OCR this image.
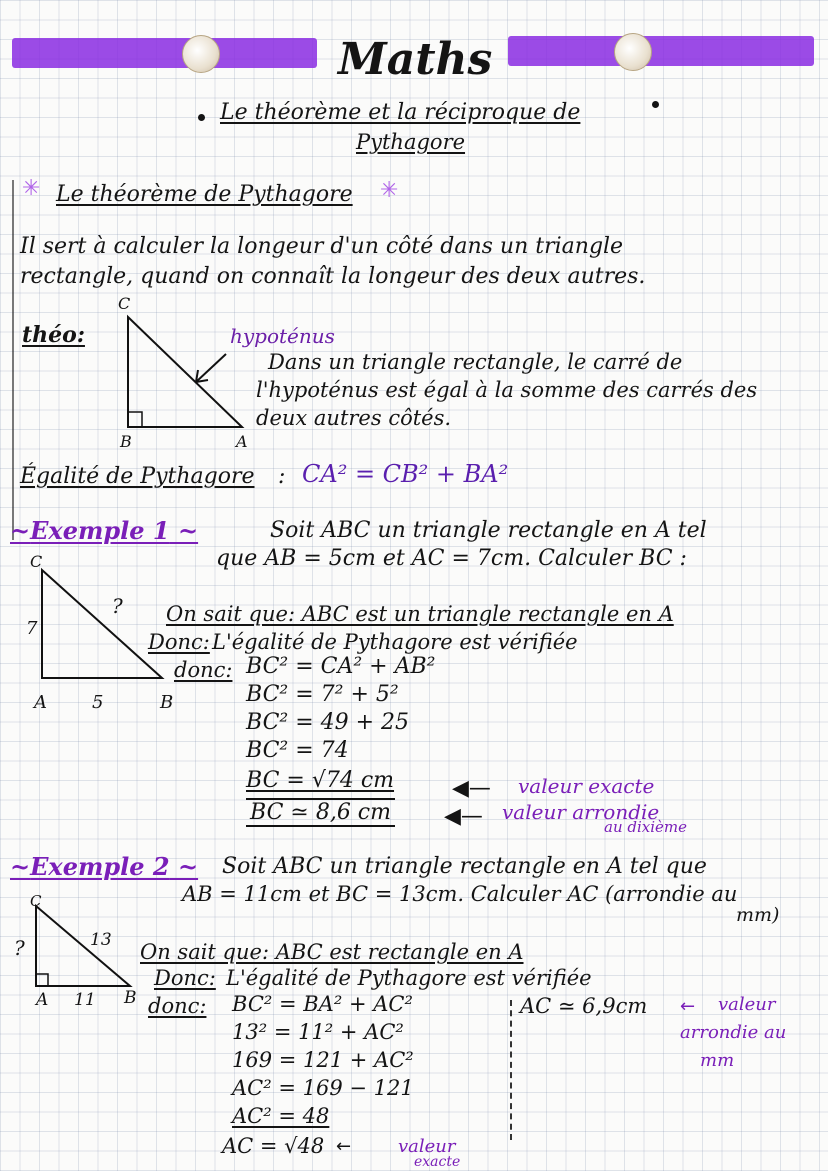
Maths
Le théorème et la réciproque de
Pythagore
✳ Le théorème de Pythagore ✳
Il sert à calculer la longeur d'un côté dans un triangle
rectangle, quand on connaît la longeur des deux autres.
théo:
C
B	A
hypoténus
Dans un triangle rectangle, le carré de
l'hypoténus est égal à la somme des carrés des
deux autres côtés.
Égalité de Pythagore : CA² = CB² + BA²
~Exemple 1 ~	Soit ABC un triangle rectangle en A tel
que AB = 5cm et AC = 7cm. Calculer BC :
C
7
?
A	5	B
On sait que: ABC est un triangle rectangle en A
Donc: L'égalité de Pythagore est vérifiée
donc: BC² = CA² + AB²
BC² = 7² + 5²
BC² = 49 + 25
BC² = 74
BC = √74 cm
BC ≃ 8,6 cm
◀— valeur exacte
◀— valeur arrondie
au dixième
~Exemple 2 ~ Soit ABC un triangle rectangle en A tel que
AB = 11cm et BC = 13cm. Calculer AC (arrondie au
mm)
C
13
?
A 11 B
On sait que: ABC est rectangle en A
Donc: L'égalité de Pythagore est vérifiée
donc: BC² = BA² + AC²
13² = 11² + AC²
169 = 121 + AC²
AC² = 169 − 121
AC² = 48
AC = √48 ←	valeur
exacte
AC ≃ 6,9cm ← valeur
arrondie au
mm
